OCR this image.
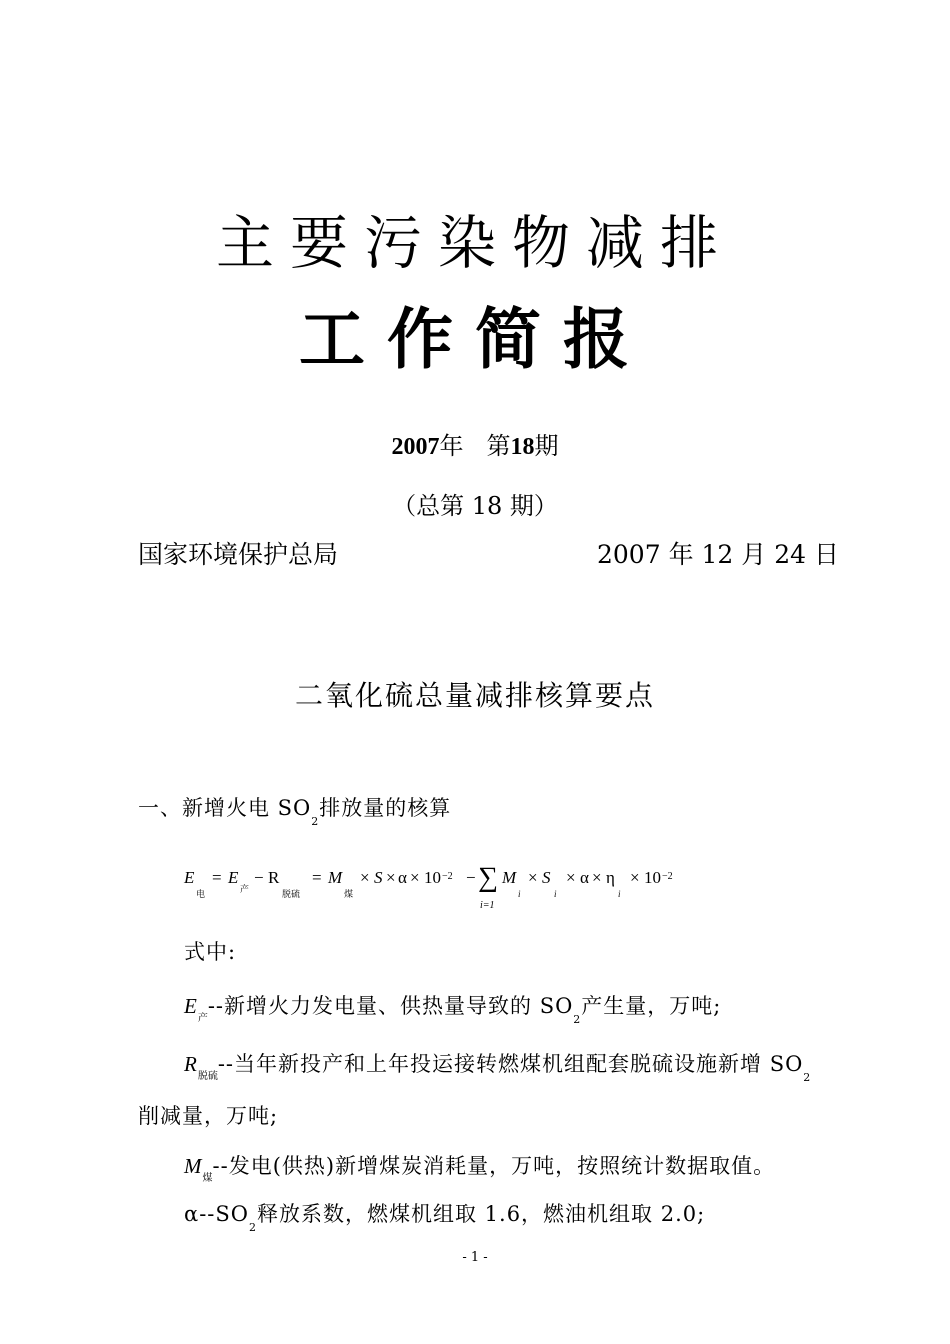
主要污染物减排
工作简报
2007年 第18期
（总第 18 期）
国家环境保护总局	2007 年 12 月 24 日
二氧化硫总量减排核算要点
一、新增火电 $SO_2$排放量的核算
E
电
= E
产
− R
脱硫
= M
煤
× S × α × 10 −2 − ∑
i=1
M
i
× S
i
× α × η
i
× 10 −2
式中:
$E_产--$新增火力发电量、供热量导致的 $SO_2$产生量，万吨;
$R_{脱硫}--$当年新投产和上年投运接转燃煤机组配套脱硫设施新增 $SO_2$
削减量，万吨;
$M_煤--$发电(供热)新增煤炭消耗量，万吨，按照统计数据取值。
$\alpha--SO_2$释放系数，燃煤机组取 1.6，燃油机组取 2.0;
- 1 -
